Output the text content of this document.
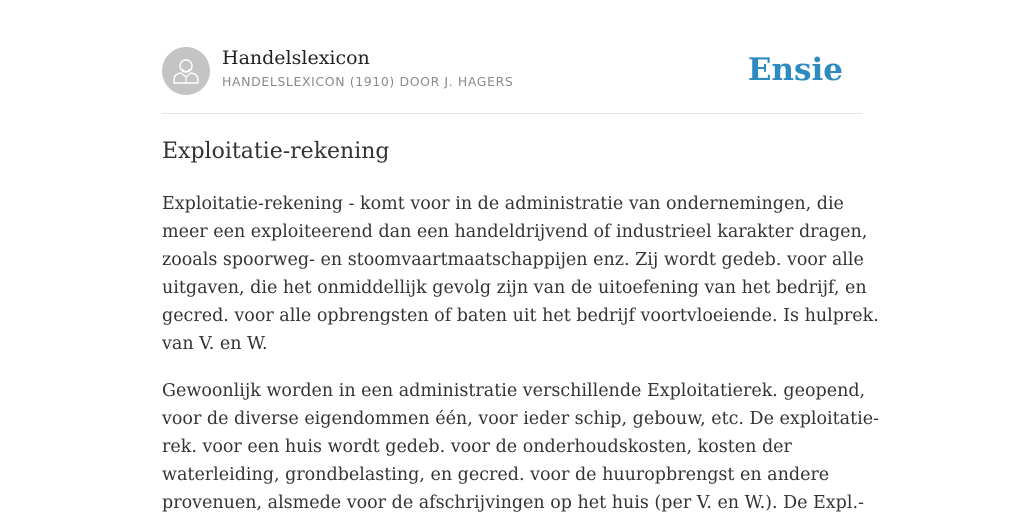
Handelslexicon
HANDELSLEXICON (1910) DOOR J. HAGERS	Ensie
Exploitatie-rekening

Exploitatie-rekening - komt voor in de administratie van ondernemingen, die
meer een exploiteerend dan een handeldrijvend of industrieel karakter dragen,
zooals spoorweg- en stoomvaartmaatschappijen enz. Zij wordt gedeb. voor alle
uitgaven, die het onmiddellijk gevolg zijn van de uitoefening van het bedrijf, en
gecred. voor alle opbrengsten of baten uit het bedrijf voortvloeiende. Is hulprek.
van V. en W.

Gewoonlijk worden in een administratie verschillende Exploitatierek. geopend,
voor de diverse eigendommen één, voor ieder schip, gebouw, etc. De exploitatie-
rek. voor een huis wordt gedeb. voor de onderhoudskosten, kosten der
waterleiding, grondbelasting, en gecred. voor de huuropbrengst en andere
provenuen, alsmede voor de afschrijvingen op het huis (per V. en W.). De Expl.-
